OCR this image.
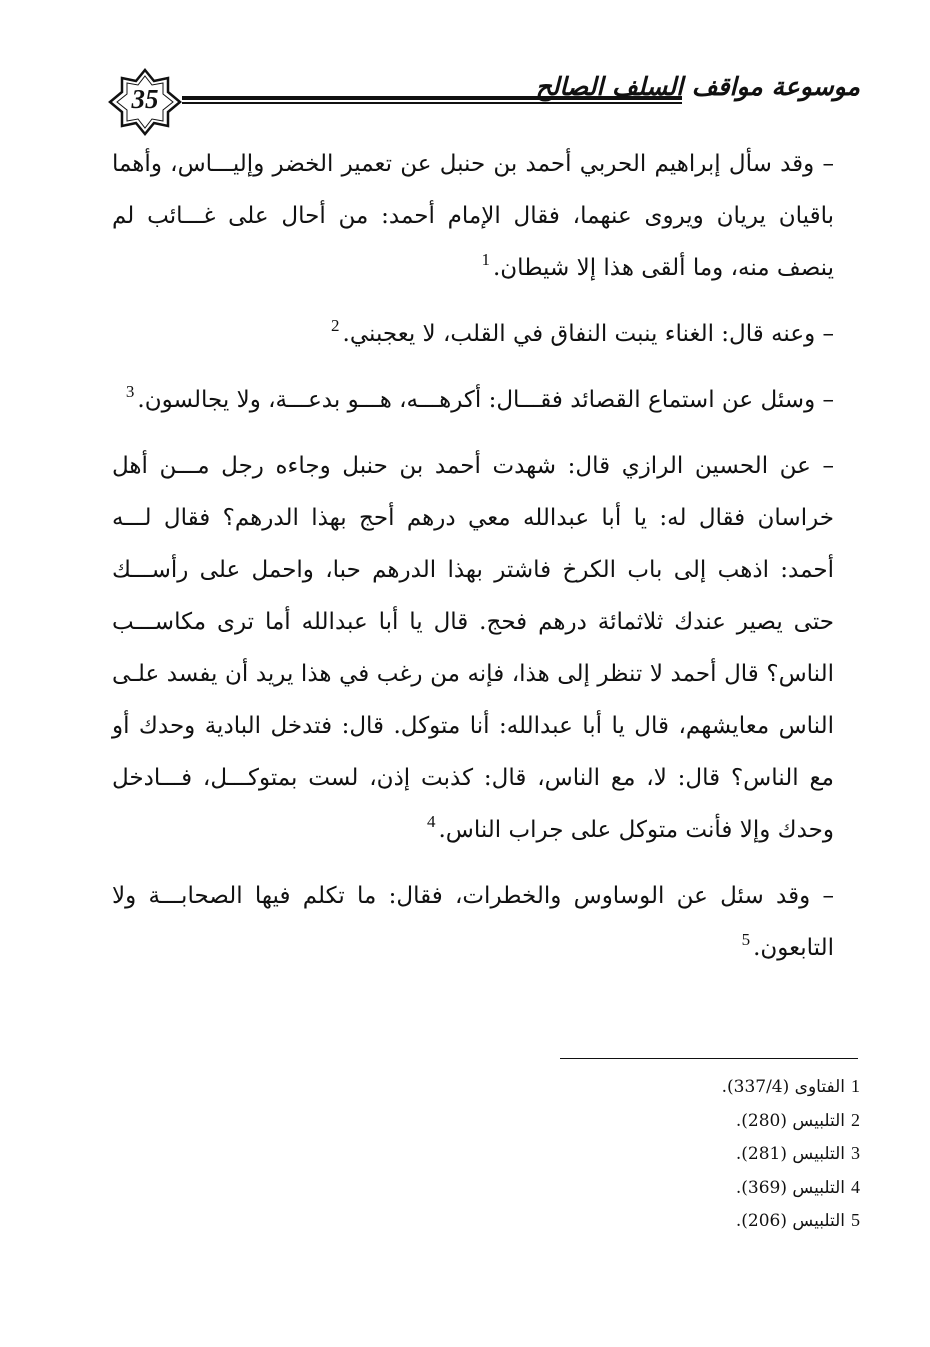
35	موسوعة مواقف السلف الصالح

– وقد سأل إبراهيم الحربي أحمد بن حنبل عن تعمير الخضر وإليـــاس، وأهما باقيان يريان ويروى عنهما، فقال الإمام أحمد: من أحال على غـــائب لم ينصف منه، وما ألقى هذا إلا شيطان.$^1$

– وعنه قال: الغناء ينبت النفاق في القلب، لا يعجبني.$^2$

– وسئل عن استماع القصائد فقـــال: أكرهـــه، هـــو بدعـــة، ولا يجالسون.$^3$

– عن الحسين الرازي قال: شهدت أحمد بن حنبل وجاءه رجل مـــن أهل خراسان فقال له: يا أبا عبدالله معي درهم أحج بهذا الدرهم؟ فقال لـــه أحمد: اذهب إلى باب الكرخ فاشتر بهذا الدرهم حبا، واحمل على رأســـك حتى يصير عندك ثلاثمائة درهم فحج. قال يا أبا عبدالله أما ترى مكاســـب الناس؟ قال أحمد لا تنظر إلى هذا، فإنه من رغب في هذا يريد أن يفسد علـى الناس معايشهم، قال يا أبا عبدالله: أنا متوكل. قال: فتدخل البادية وحدك أو مع الناس؟ قال: لا، مع الناس، قال: كذبت إذن، لست بمتوكـــل، فـــادخل وحدك وإلا فأنت متوكل على جراب الناس.$^4$

– وقد سئل عن الوساوس والخطرات، فقال: ما تكلم فيها الصحابـــة ولا التابعون.$^5$

1الفتاوى (337/4).
2التلبيس (280).
3التلبيس (281).
4التلبيس (369).
5التلبيس (206).
